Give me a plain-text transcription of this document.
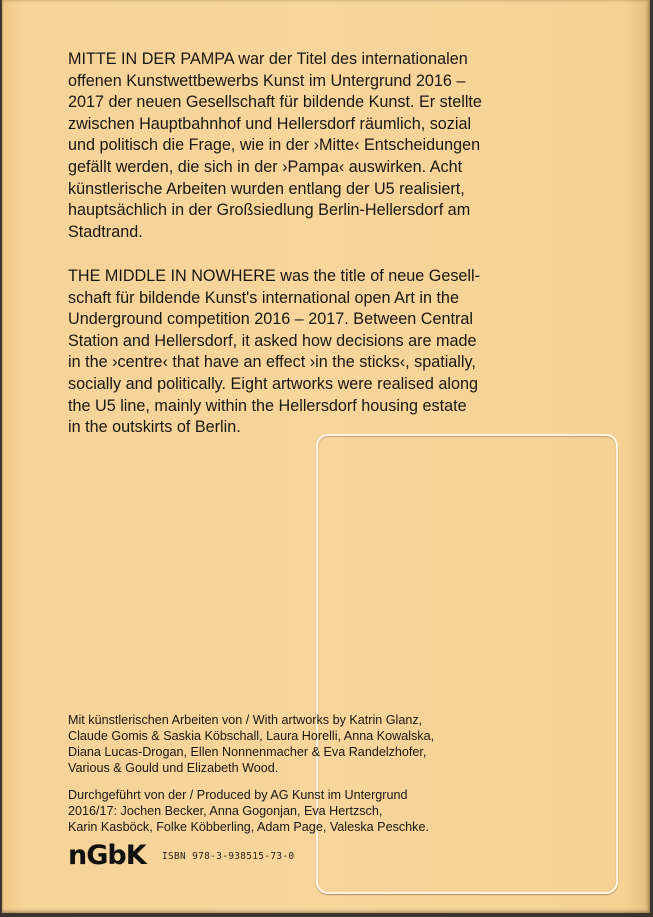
MITTE IN DER PAMPA war der Titel des internationalen
offenen Kunstwettbewerbs Kunst im Untergrund 2016 –
2017 der neuen Gesellschaft für bildende Kunst. Er stellte
zwischen Hauptbahnhof und Hellersdorf räumlich, sozial
und politisch die Frage, wie in der ›Mitte‹ Entscheidungen
gefällt werden, die sich in der ›Pampa‹ auswirken. Acht
künstlerische Arbeiten wurden entlang der U5 realisiert,
hauptsächlich in der Großsiedlung Berlin-Hellersdorf am
Stadtrand.
THE MIDDLE IN NOWHERE was the title of neue Gesell-
schaft für bildende Kunst's international open Art in the
Underground competition 2016 – 2017. Between Central
Station and Hellersdorf, it asked how decisions are made
in the ›centre‹ that have an effect ›in the sticks‹, spatially,
socially and politically. Eight artworks were realised along
the U5 line, mainly within the Hellersdorf housing estate
in the outskirts of Berlin.
Mit künstlerischen Arbeiten von / With artworks by Katrin Glanz,
Claude Gomis & Saskia Köbschall, Laura Horelli, Anna Kowalska,
Diana Lucas-Drogan, Ellen Nonnenmacher & Eva Randelzhofer,
Various & Gould und Elizabeth Wood.
Durchgeführt von der / Produced by AG Kunst im Untergrund
2016/17: Jochen Becker, Anna Gogonjan, Eva Hertzsch,
Karin Kasböck, Folke Köbberling, Adam Page, Valeska Peschke.
nGbK ISBN 978-3-938515-73-0
